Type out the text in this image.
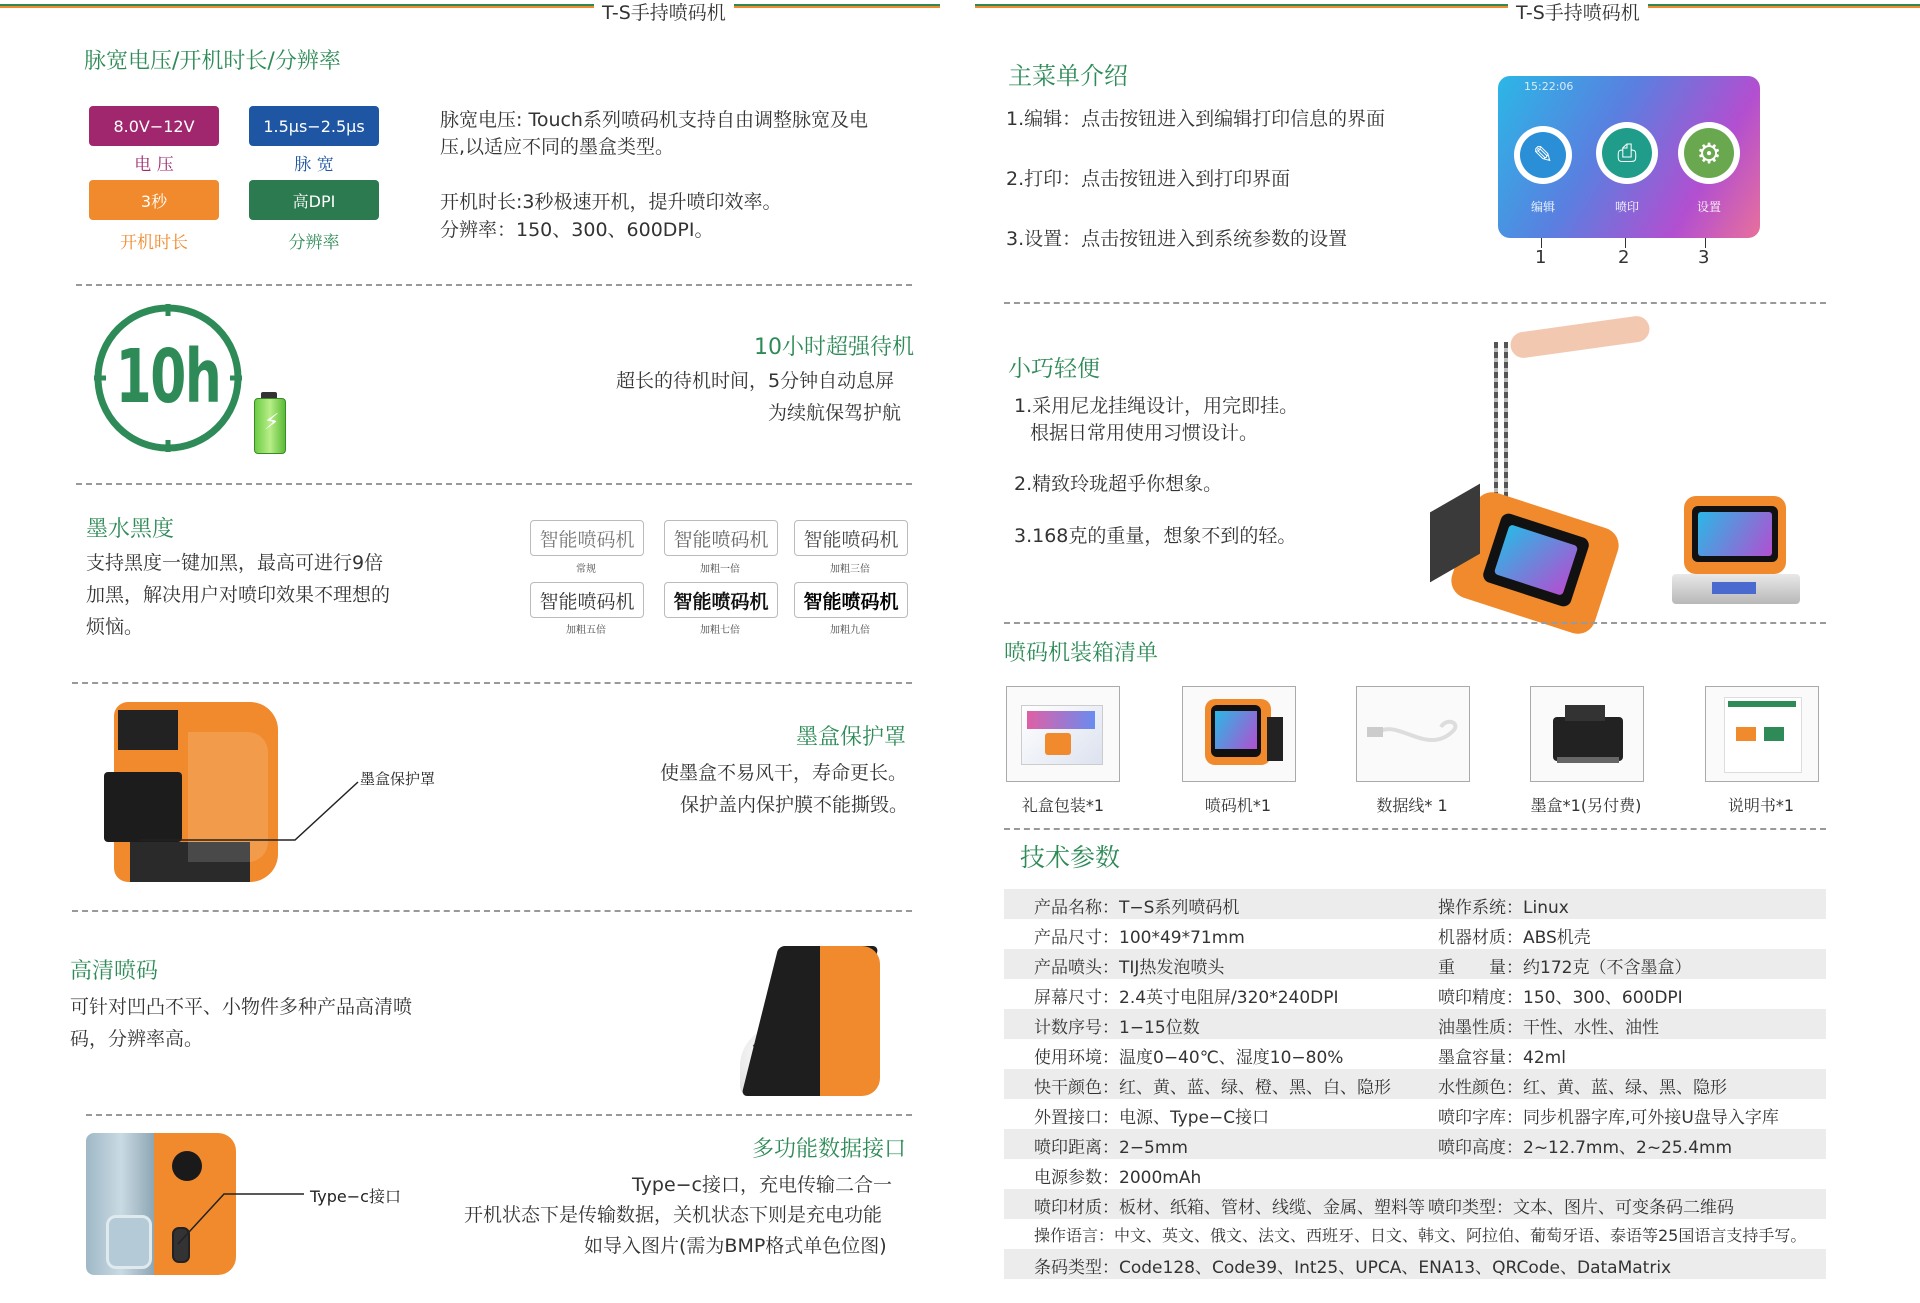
T-S手持喷码机	T-S手持喷码机
脉宽电压/开机时长/分辨率
8.0V−12V
电 压
1.5μs−2.5μs
脉 宽
3秒
开机时长
高DPI
分辨率
脉宽电压: Touch系列喷码机支持自由调整脉宽及电
压,以适应不同的墨盒类型。
开机时长:3秒极速开机，提升喷印效率。
分辨率：150、300、600DPI。
10h
⚡
10小时超强待机
超长的待机时间，5分钟自动息屏
为续航保驾护航
墨水黑度
支持黑度一键加黑，最高可进行9倍
加黑，解决用户对喷印效果不理想的
烦恼。
智能喷码机
常规
智能喷码机
加粗一倍
智能喷码机
加粗三倍
智能喷码机
加粗五倍
智能喷码机
加粗七倍
智能喷码机
加粗九倍
墨盒保护罩
墨盒保护罩
使墨盒不易风干，寿命更长。
保护盖内保护膜不能撕毁。
高清喷码
可针对凹凸不平、小物件多种产品高清喷
码，分辨率高。
Type−c接口
多功能数据接口
Type−c接口，充电传输二合一
开机状态下是传输数据，关机状态下则是充电功能
如导入图片(需为BMP格式单色位图)
主菜单介绍
1.编辑：点击按钮进入到编辑打印信息的界面
2.打印：点击按钮进入到打印界面
3.设置：点击按钮进入到系统参数的设置
15:22:06
✎	⎙	⚙
编辑	喷印	设置
1	2	3
小巧轻便
1.采用尼龙挂绳设计，用完即挂。
根据日常用使用习惯设计。
2.精致玲珑超乎你想象。
3.168克的重量，想象不到的轻。
喷码机装箱清单
礼盒包装*1	喷码机*1	数据线* 1	墨盒*1(另付费)	说明书*1
技术参数
产品名称：T−S系列喷码机	操作系统：Linux
产品尺寸：100*49*71mm	机器材质：ABS机壳
产品喷头：TIJ热发泡喷头	重　　量：约172克（不含墨盒）
屏幕尺寸：2.4英寸电阻屏/320*240DPI	喷印精度：150、300、600DPI
计数序号：1−15位数	油墨性质：干性、水性、油性
使用环境：温度0−40℃、湿度10−80%	墨盒容量：42ml
快干颜色：红、黄、蓝、绿、橙、黑、白、隐形	水性颜色：红、黄、蓝、绿、黑、隐形
外置接口：电源、Type−C接口	喷印字库：同步机器字库,可外接U盘导入字库
喷印距离：2−5mm	喷印高度：2~12.7mm、2~25.4mm
电源参数：2000mAh
喷印材质：板材、纸箱、管材、线缆、金属、塑料等 喷印类型：文本、图片、可变条码二维码
操作语言：中文、英文、俄文、法文、西班牙、日文、韩文、阿拉伯、葡萄牙语、泰语等25国语言支持手写。
条码类型：Code128、Code39、Int25、UPCA、ENA13、QRCode、DataMatrix
